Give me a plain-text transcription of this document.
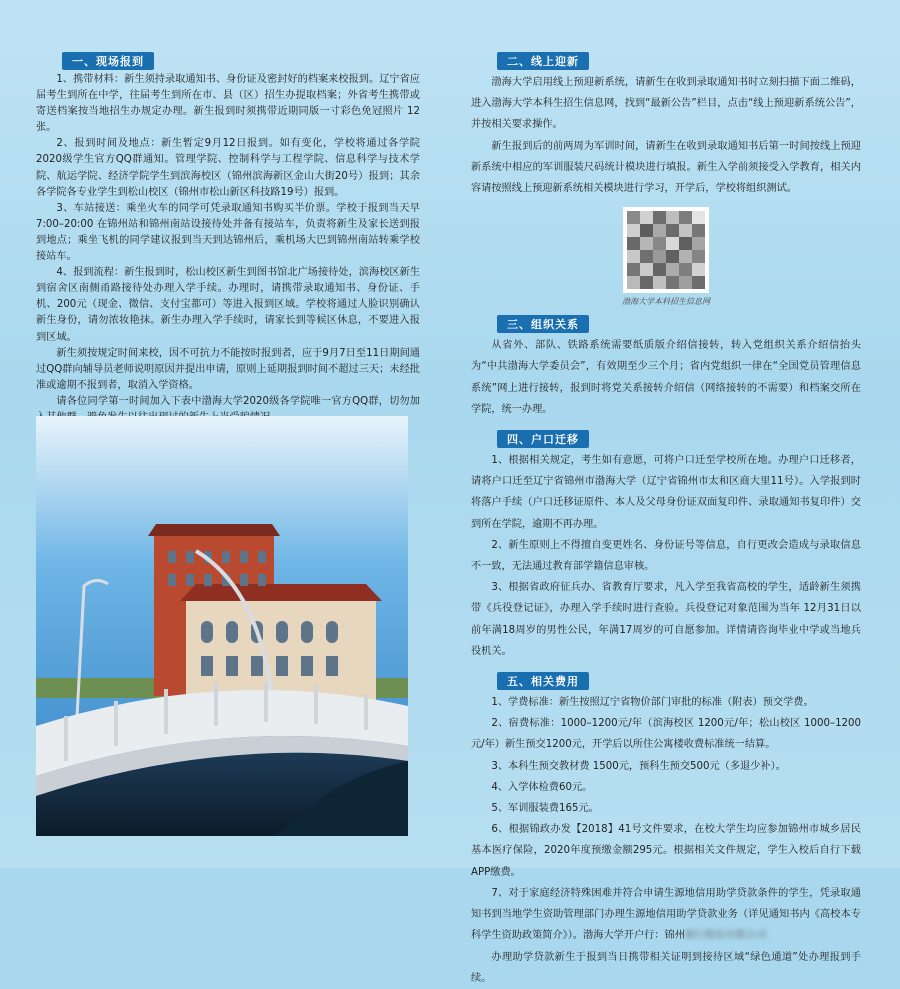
一、现场报到

1、携带材料：新生须持录取通知书、身份证及密封好的档案来校报到。辽宁省应届考生到所在中学，往届考生到所在市、县（区）招生办提取档案；外省考生携带或寄送档案按当地招生办规定办理。新生报到时须携带近期同版一寸彩色免冠照片 12张。

2、报到时间及地点：新生暂定9月12日报到。如有变化，学校将通过各学院 2020级学生官方QQ群通知。管理学院、控制科学与工程学院、信息科学与技术学院、航运学院、经济学院学生到滨海校区（锦州滨海新区金山大街20号）报到；其余各学院各专业学生到松山校区（锦州市松山新区科技路19号）报到。

3、车站接送：乘坐火车的同学可凭录取通知书购买半价票。学校于报到当天早 7:00–20:00 在锦州站和锦州南站设接待处并备有接站车，负责将新生及家长送到报到地点；乘坐飞机的同学建议报到当天到达锦州后，乘机场大巴到锦州南站转乘学校接站车。

4、报到流程：新生报到时，松山校区新生到图书馆北广场接待处，滨海校区新生到宿舍区南侧甬路接待处办理入学手续。办理时，请携带录取通知书、身份证、手机、200元（现金、微信、支付宝都可）等进入报到区域。学校将通过人脸识别确认新生身份，请勿浓妆艳抹。新生办理入学手续时，请家长到等候区休息，不要进入报到区域。

新生须按规定时间来校，因不可抗力不能按时报到者，应于9月7日至11日期间通过QQ群向辅导员老师说明原因并提出申请，原则上延期报到时间不超过三天；未经批准或逾期不报到者，取消入学资格。

请各位同学第一时间加入下表中渤海大学2020级各学院唯一官方QQ群，切勿加

二、线上迎新

渤海大学启用线上预迎新系统，请新生在收到录取通知书时立刻扫描下面二维码，进入渤海大学本科生招生信息网，找到“最新公告”栏目，点击“线上预迎新系统公告”，并按相关要求操作。

新生报到后的前两周为军训时间，请新生在收到录取通知书后第一时间按线上预迎新系统中相应的军训服装尺码统计模块进行填报。新生入学前须接受入学教育，相关内容请按照线上预迎新系统相关模块进行学习，开学后，学校将组织测试。

渤海大学本科招生信息网
三、组织关系

从省外、部队、铁路系统需要纸质版介绍信接转，转入党组织关系介绍信抬头为“中共渤海大学委员会”，有效期至少三个月；省内党组织一律在“全国党员管理信息系统”网上进行接转，报到时将党关系接转介绍信（网络接转的不需要）和档案交所在学院，统一办理。

四、户口迁移

1、根据相关规定，考生如有意愿，可将户口迁至学校所在地。办理户口迁移者，请将户口迁至辽宁省锦州市渤海大学（辽宁省锦州市太和区商大里11号）。入学报到时将落户手续（户口迁移证原件、本人及父母身份证双面复印件、录取通知书复印件）交到所在学院，逾期不再办理。

2、新生原则上不得擅自变更姓名、身份证号等信息，自行更改会造成与录取信息不一致，无法通过教育部学籍信息审核。

3、根据省政府征兵办、省教育厅要求，凡入学至我省高校的学生，适龄新生须携带《兵役登记证》，办理入学手续时进行查验。兵役登记对象范围为当年 12月31日以前年满18周岁的男性公民，年满17周岁的可自愿参加。详情请咨询毕业中学或当地兵役机关。

五、相关费用

1、学费标准：新生按照辽宁省物价部门审批的标准（附表）预交学费。

2、宿费标准：1000–1200元/年（滨海校区 1200元/年；松山校区 1000–1200元/年）新生预交1200元，开学后以所住公寓楼收费标准统一结算。

3、本科生预交教材费 1500元，预科生预交500元（多退少补）。

4、入学体检费60元。

5、军训服装费165元。

6、根据锦政办发【2018】41号文件要求，在校大学生均应参加锦州市城乡居民基本医疗保险，2020年度预缴金额295元。根据相关文件规定，学生入校后自行下载APP缴费。

7、对于家庭经济特殊困难并符合申请生源地信用助学贷款条件的学生，凭录取通知书到当地学生资助管理部门办理生源地信用助学贷款业务（详见通知书内《高校本专科学生资助政策简介》）。渤海大学开户行：锦州银行股份有限公司

办理助学贷款新生于报到当日携带相关证明到接待区域“绿色通道”处办理报到手续。
